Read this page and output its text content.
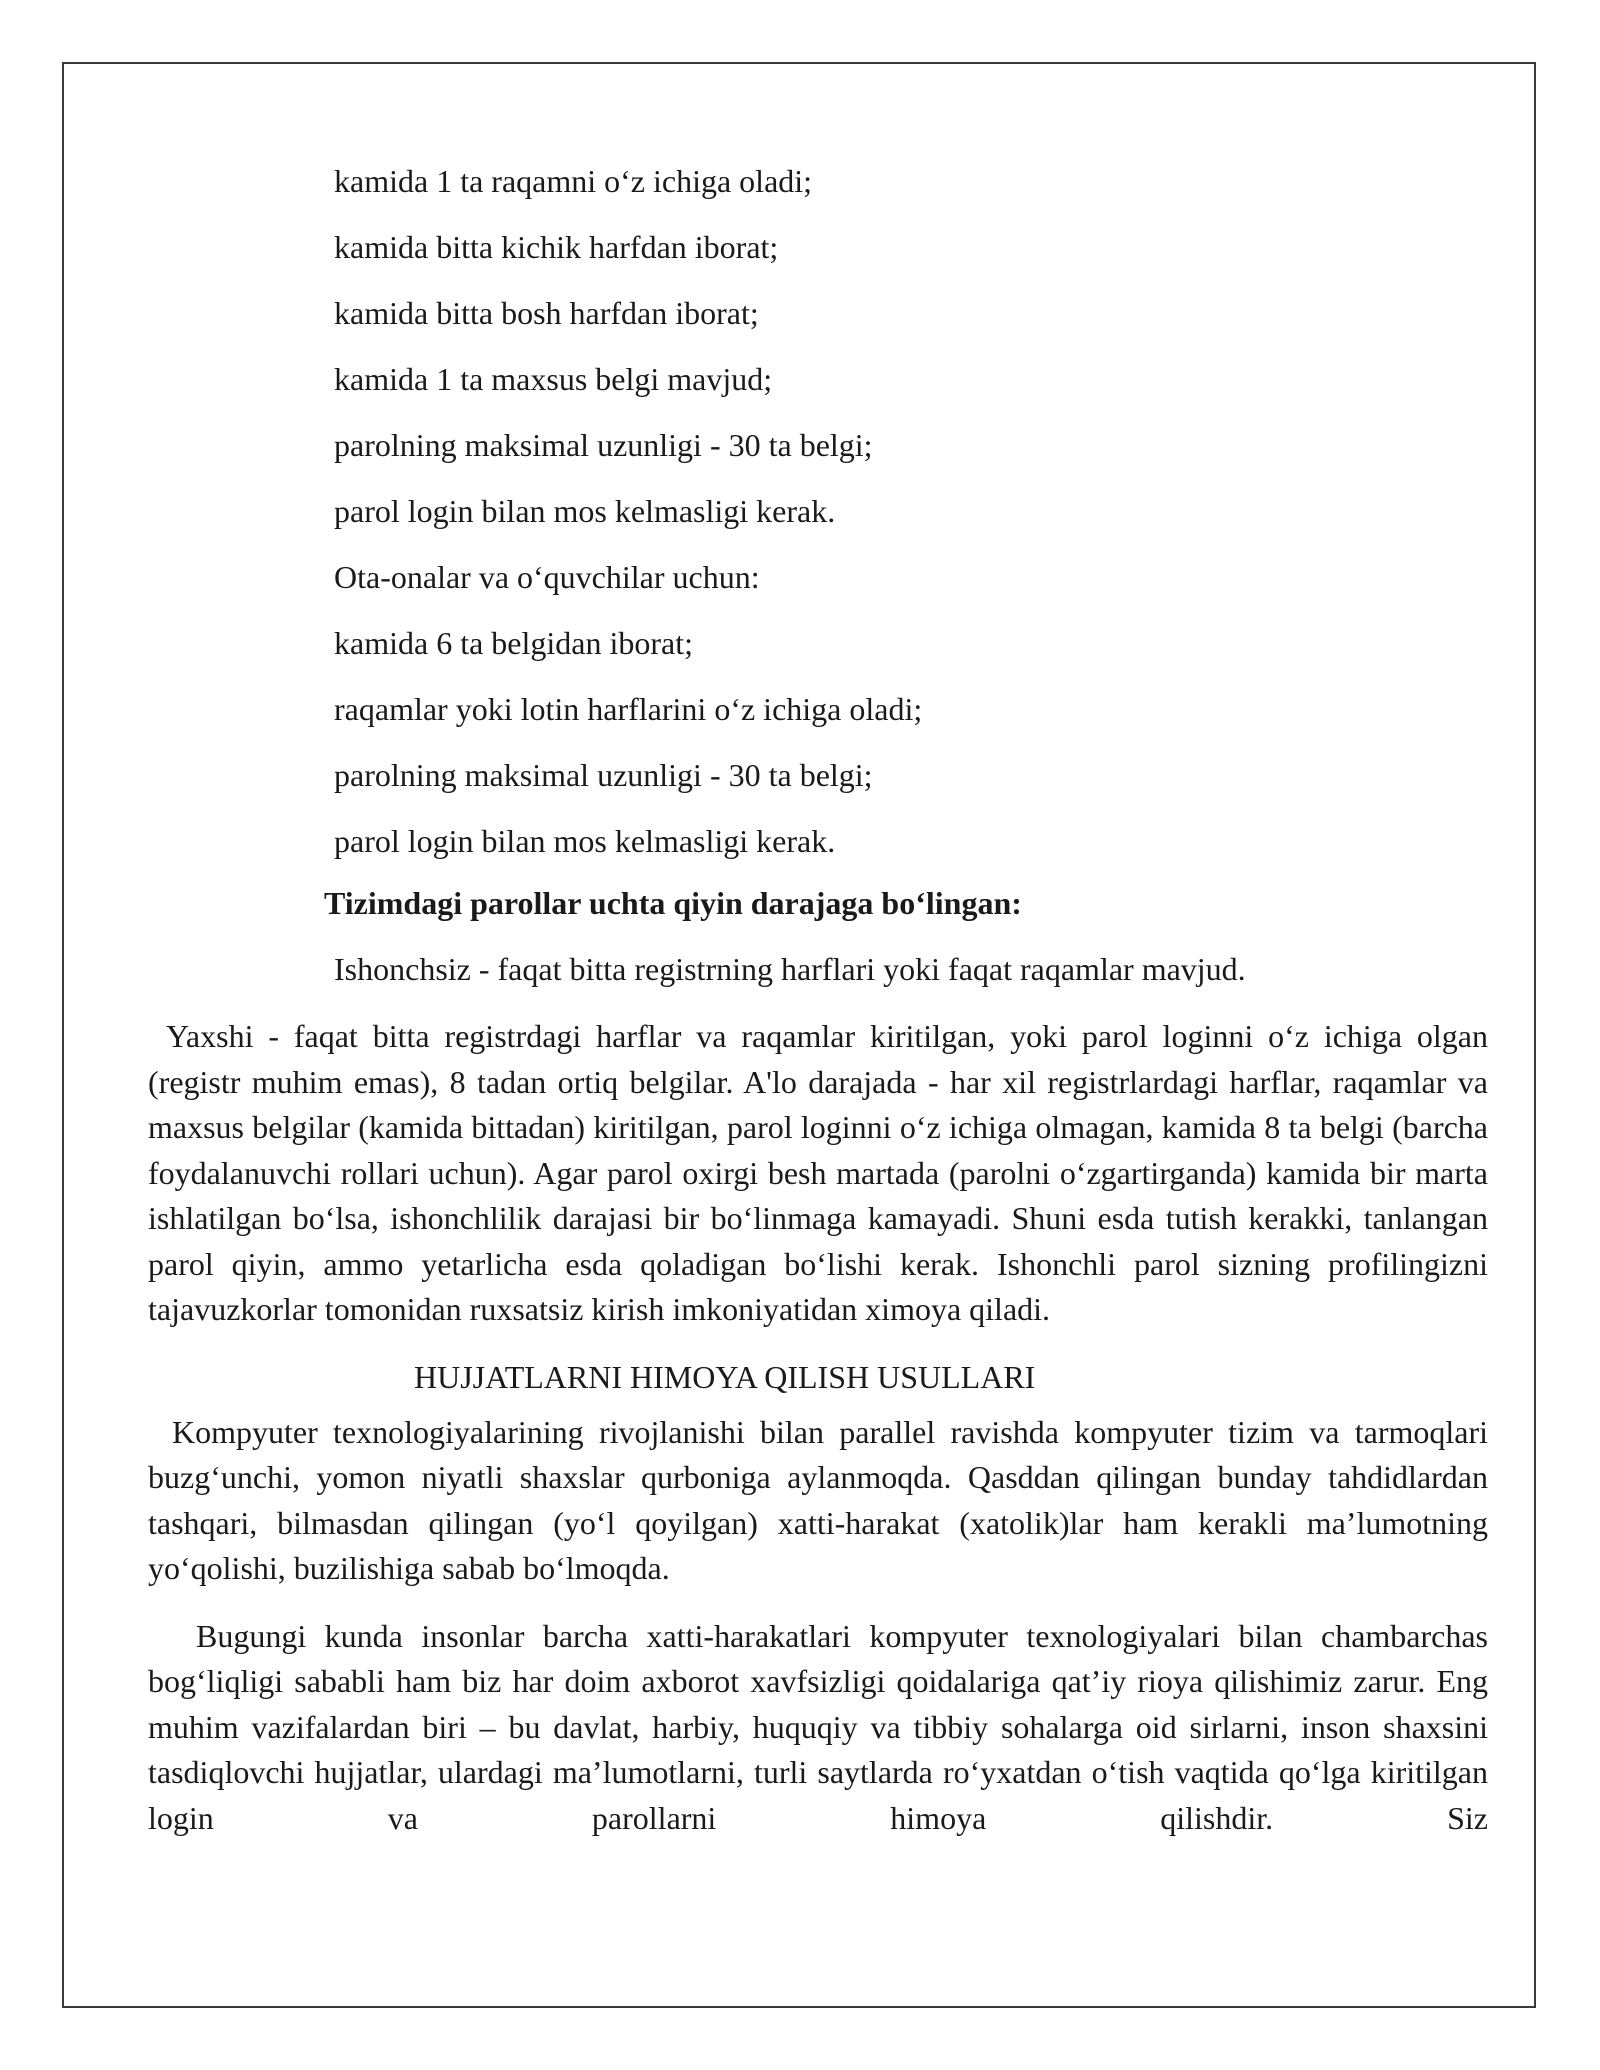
kamida 1 ta raqamni o‘z ichiga oladi;
kamida bitta kichik harfdan iborat;
kamida bitta bosh harfdan iborat;
kamida 1 ta maxsus belgi mavjud;
parolning maksimal uzunligi - 30 ta belgi;
parol login bilan mos kelmasligi kerak.
Ota-onalar va o‘quvchilar uchun:
kamida 6 ta belgidan iborat;
raqamlar yoki lotin harflarini o‘z ichiga oladi;
parolning maksimal uzunligi - 30 ta belgi;
parol login bilan mos kelmasligi kerak.
Tizimdagi parollar uchta qiyin darajaga bo‘lingan:
Ishonchsiz - faqat bitta registrning harflari yoki faqat raqamlar mavjud.

Yaxshi - faqat bitta registrdagi harflar va raqamlar kiritilgan, yoki parol loginni o‘z ichiga olgan (registr muhim emas), 8 tadan ortiq belgilar. A'lo darajada - har xil registrlardagi harflar, raqamlar va maxsus belgilar (kamida bittadan) kiritilgan, parol loginni o‘z ichiga olmagan, kamida 8 ta belgi (barcha foydalanuvchi rollari uchun). Agar parol oxirgi besh martada (parolni o‘zgartirganda) kamida bir marta ishlatilgan bo‘lsa, ishonchlilik darajasi bir bo‘linmaga kamayadi. Shuni esda tutish kerakki, tanlangan parol qiyin, ammo yetarlicha esda qoladigan bo‘lishi kerak. Ishonchli parol sizning profilingizni tajavuzkorlar tomonidan ruxsatsiz kirish imkoniyatidan ximoya qiladi.

HUJJATLARNI HIMOYA QILISH USULLARI

Kompyuter texnologiyalarining rivojlanishi bilan parallel ravishda kompyuter tizim va tarmoqlari buzg‘unchi, yomon niyatli shaxslar qurboniga aylanmoqda. Qasddan qilingan bunday tahdidlardan tashqari, bilmasdan qilingan (yo‘l qoyilgan) xatti-harakat (xatolik)lar ham kerakli ma’lumotning yo‘qolishi, buzilishiga sabab bo‘lmoqda.

Bugungi kunda insonlar barcha xatti-harakatlari kompyuter texnologiyalari bilan chambarchas bog‘liqligi sababli ham biz har doim axborot xavfsizligi qoidalariga qat’iy rioya qilishimiz zarur. Eng muhim vazifalardan biri – bu davlat, harbiy, huquqiy va tibbiy sohalarga oid sirlarni, inson shaxsini tasdiqlovchi hujjatlar, ulardagi ma’lumotlarni, turli saytlarda ro‘yxatdan o‘tish vaqtida qo‘lga kiritilgan login va parollarni himoya qilishdir. Siz
